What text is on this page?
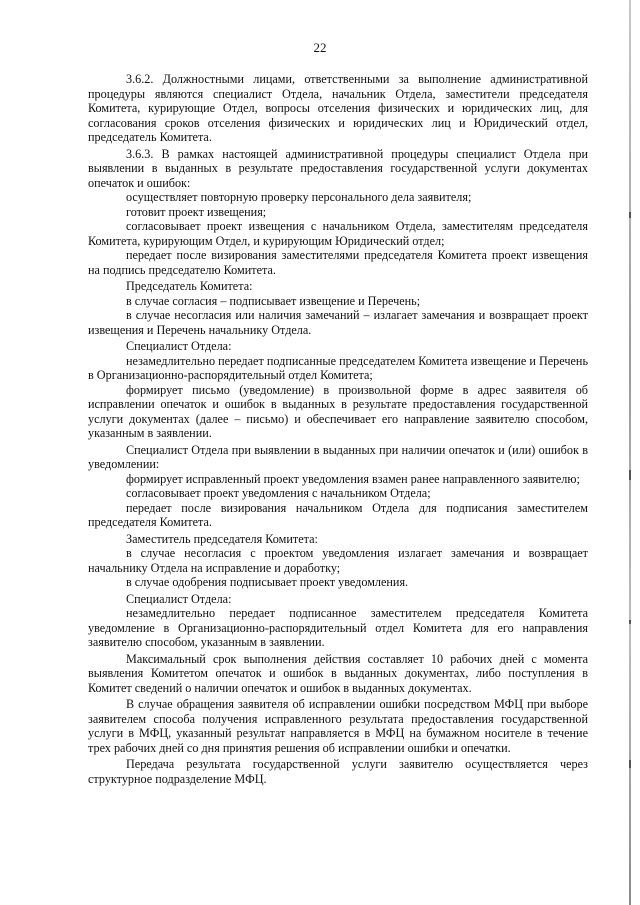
22

3.6.2. Должностными лицами, ответственными за выполнение административной процедуры являются специалист Отдела, начальник Отдела, заместители председателя Комитета, курирующие Отдел, вопросы отселения физических и юридических лиц, для согласования сроков отселения физических и юридических лиц и Юридический отдел, председатель Комитета.

3.6.3. В рамках настоящей административной процедуры специалист Отдела при выявлении в выданных в результате предоставления государственной услуги документах опечаток и ошибок:

осуществляет повторную проверку персонального дела заявителя;

готовит проект извещения;

согласовывает проект извещения с начальником Отдела, заместителям председателя Комитета, курирующим Отдел, и курирующим Юридический отдел;

передает после визирования заместителями председателя Комитета проект извещения на подпись председателю Комитета.

Председатель Комитета:

в случае согласия – подписывает извещение и Перечень;

в случае несогласия или наличия замечаний – излагает замечания и возвращает проект извещения и Перечень начальнику Отдела.

Специалист Отдела:

незамедлительно передает подписанные председателем Комитета извещение и Перечень в Организационно-распорядительный отдел Комитета;

формирует письмо (уведомление) в произвольной форме в адрес заявителя об исправлении опечаток и ошибок в выданных в результате предоставления государственной услуги документах (далее – письмо) и обеспечивает его направление заявителю способом, указанным в заявлении.

Специалист Отдела при выявлении в выданных при наличии опечаток и (или) ошибок в уведомлении:

формирует исправленный проект уведомления взамен ранее направленного заявителю;

согласовывает проект уведомления с начальником Отдела;

передает после визирования начальником Отдела для подписания заместителем председателя Комитета.

Заместитель председателя Комитета:

в случае несогласия с проектом уведомления излагает замечания и возвращает начальнику Отдела на исправление и доработку;

в случае одобрения подписывает проект уведомления.

Специалист Отдела:

незамедлительно передает подписанное заместителем председателя Комитета уведомление в Организационно-распорядительный отдел Комитета для его направления заявителю способом, указанным в заявлении.

Максимальный срок выполнения действия составляет 10 рабочих дней с момента выявления Комитетом опечаток и ошибок в выданных документах, либо поступления в Комитет сведений о наличии опечаток и ошибок в выданных документах.

В случае обращения заявителя об исправлении ошибки посредством МФЦ при выборе заявителем способа получения исправленного результата предоставления государственной услуги в МФЦ, указанный результат направляется в МФЦ на бумажном носителе в течение трех рабочих дней со дня принятия решения об исправлении ошибки и опечатки.

Передача результата государственной услуги заявителю осуществляется через структурное подразделение МФЦ.
